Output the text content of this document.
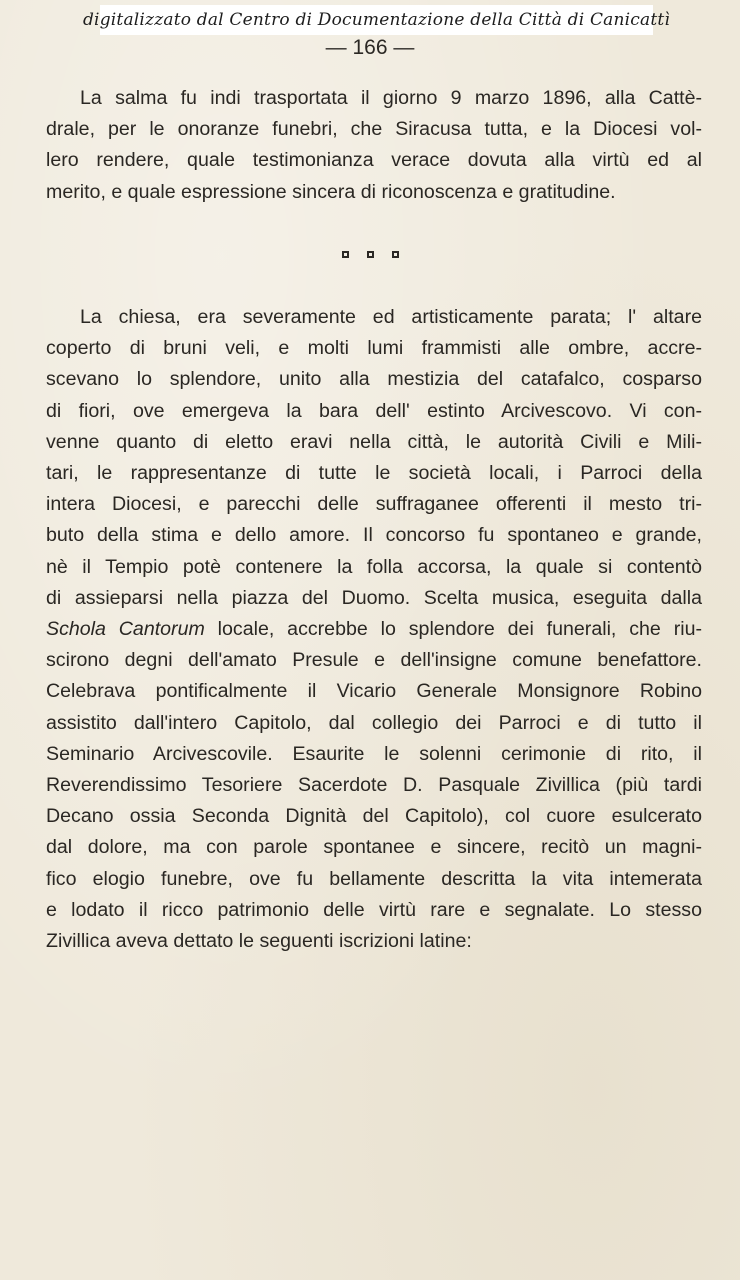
digitalizzato dal Centro di Documentazione della Città di Canicattì
— 166 —
La salma fu indi trasportata il giorno 9 marzo 1896, alla Cattè-
drale, per le onoranze funebri, che Siracusa tutta, e la Diocesi vol-
lero rendere, quale testimonianza verace dovuta alla virtù ed al
merito, e quale espressione sincera di riconoscenza e gratitudine.
La chiesa, era severamente ed artisticamente parata; l' altare
coperto di bruni veli, e molti lumi frammisti alle ombre, accre-
scevano lo splendore, unito alla mestizia del catafalco, cosparso
di fiori, ove emergeva la bara dell' estinto Arcivescovo. Vi con-
venne quanto di eletto eravi nella città, le autorità Civili e Mili-
tari, le rappresentanze di tutte le società locali, i Parroci della
intera Diocesi, e parecchi delle suffraganee offerenti il mesto tri-
buto della stima e dello amore. Il concorso fu spontaneo e grande,
nè il Tempio potè contenere la folla accorsa, la quale si contentò
di assieparsi nella piazza del Duomo. Scelta musica, eseguita dalla
Schola Cantorum locale, accrebbe lo splendore dei funerali, che riu-
scirono degni dell'amato Presule e dell'insigne comune benefattore.
Celebrava pontificalmente il Vicario Generale Monsignore Robino
assistito dall'intero Capitolo, dal collegio dei Parroci e di tutto il
Seminario Arcivescovile. Esaurite le solenni cerimonie di rito, il
Reverendissimo Tesoriere Sacerdote D. Pasquale Zivillica (più tardi
Decano ossia Seconda Dignità del Capitolo), col cuore esulcerato
dal dolore, ma con parole spontanee e sincere, recitò un magni-
fico elogio funebre, ove fu bellamente descritta la vita intemerata
e lodato il ricco patrimonio delle virtù rare e segnalate. Lo stesso
Zivillica aveva dettato le seguenti iscrizioni latine:
